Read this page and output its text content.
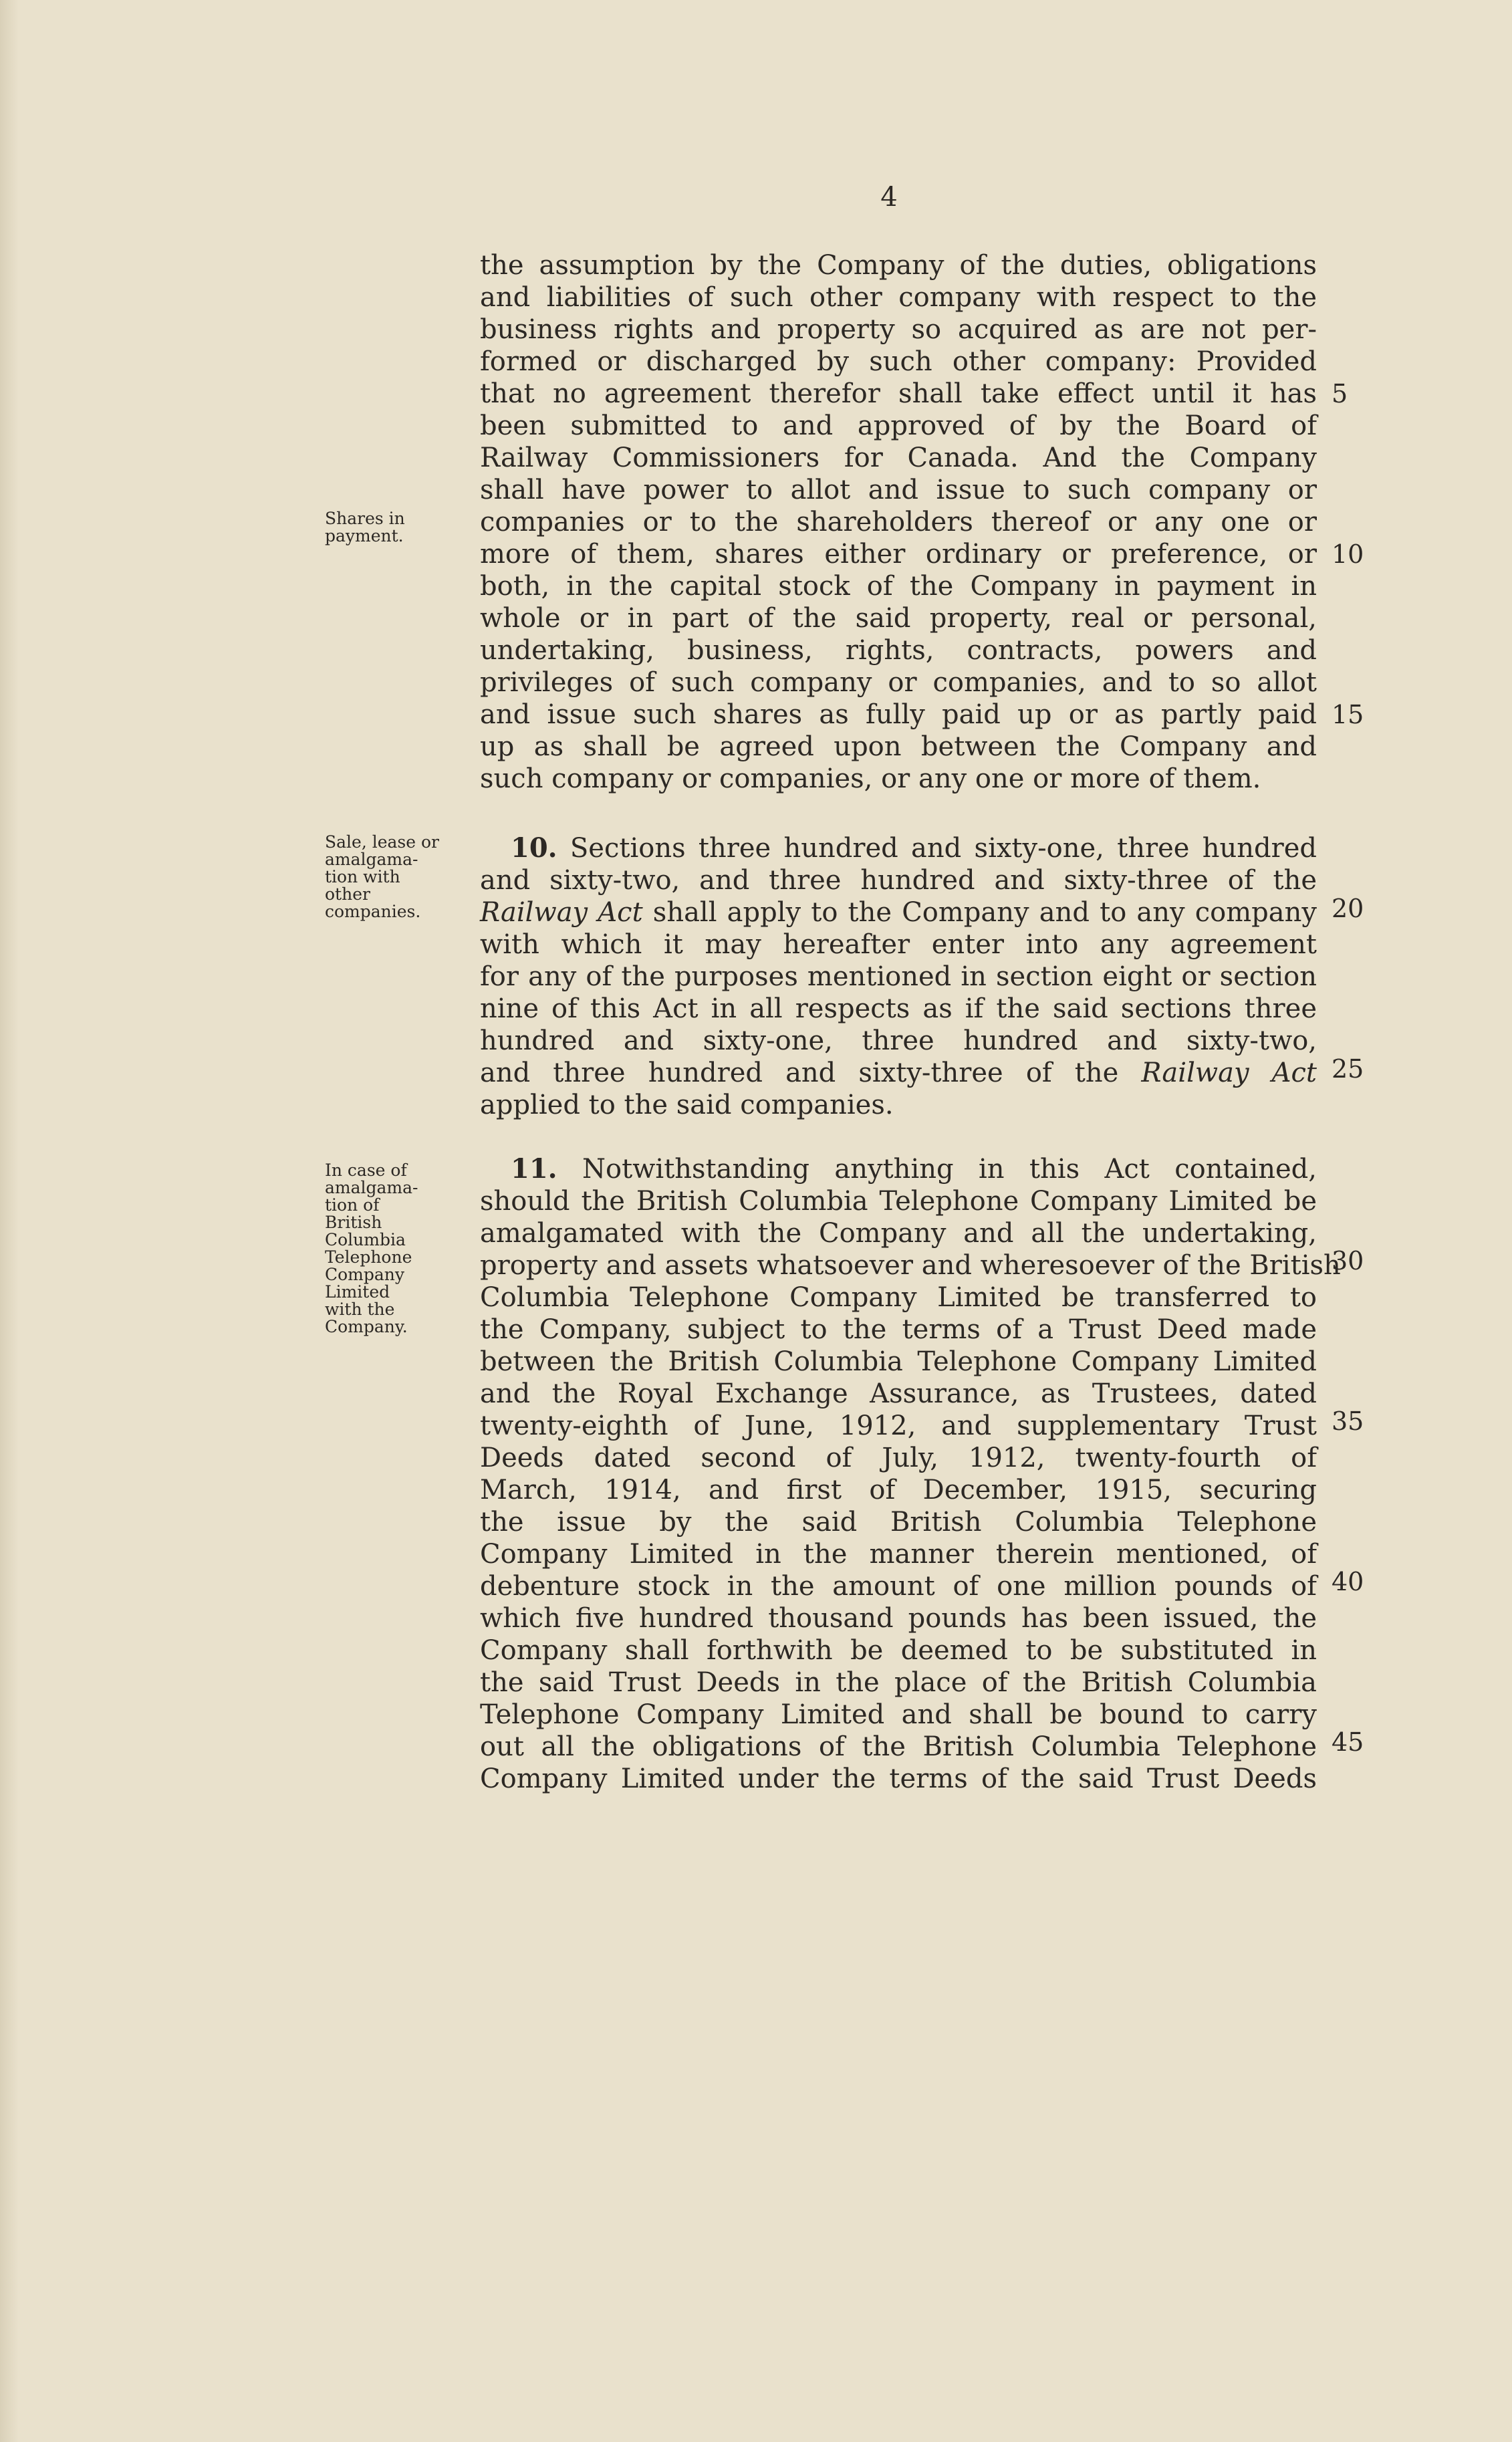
4
Shares in
payment.
Sale, lease or
amalgama-
tion with
other
companies.
In case of
amalgama-
tion of
British
Columbia
Telephone
Company
Limited
with the
Company.
the assumption by the Company of the duties, obligations
and liabilities of such other company with respect to the
business rights and property so acquired as are not per-
formed or discharged by such other company: Provided
that no agreement therefor shall take effect until it has
been submitted to and approved of by the Board of
Railway Commissioners for Canada. And the Company
shall have power to allot and issue to such company or
companies or to the shareholders thereof or any one or
more of them, shares either ordinary or preference, or
both, in the capital stock of the Company in payment in
whole or in part of the said property, real or personal,
undertaking, business, rights, contracts, powers and
privileges of such company or companies, and to so allot
and issue such shares as fully paid up or as partly paid
up as shall be agreed upon between the Company and
such company or companies, or any one or more of them.
10. Sections three hundred and sixty-one, three hundred
and sixty-two, and three hundred and sixty-three of the
Railway Act shall apply to the Company and to any company
with which it may hereafter enter into any agreement
for any of the purposes mentioned in section eight or section
nine of this Act in all respects as if the said sections three
hundred and sixty-one, three hundred and sixty-two,
and three hundred and sixty-three of the Railway Act
applied to the said companies.
11. Notwithstanding anything in this Act contained,
should the British Columbia Telephone Company Limited be
amalgamated with the Company and all the undertaking,
property and assets whatsoever and wheresoever of the British
Columbia Telephone Company Limited be transferred to
the Company, subject to the terms of a Trust Deed made
between the British Columbia Telephone Company Limited
and the Royal Exchange Assurance, as Trustees, dated
twenty-eighth of June, 1912, and supplementary Trust
Deeds dated second of July, 1912, twenty-fourth of
March, 1914, and first of December, 1915, securing
the issue by the said British Columbia Telephone
Company Limited in the manner therein mentioned, of
debenture stock in the amount of one million pounds of
which five hundred thousand pounds has been issued, the
Company shall forthwith be deemed to be substituted in
the said Trust Deeds in the place of the British Columbia
Telephone Company Limited and shall be bound to carry
out all the obligations of the British Columbia Telephone
Company Limited under the terms of the said Trust Deeds
5
10
15
20
25
30
35
40
45
